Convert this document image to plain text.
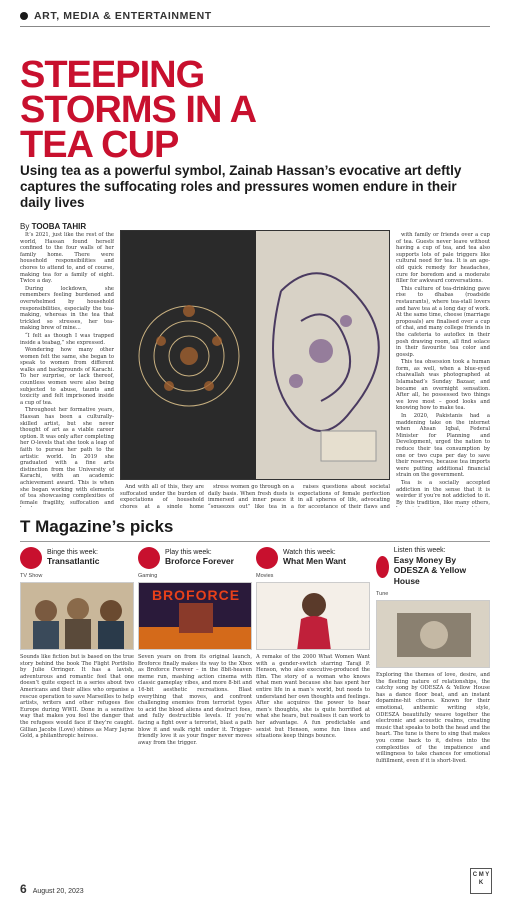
ART, MEDIA & ENTERTAINMENT
STEEPING
STORMS IN A
TEA CUP
Using tea as a powerful symbol, Zainab Hassan’s evocative art deftly captures the suffocating roles and pressures women endure in their daily lives
By TOOBA TAHIR

It’s 2021, just like the rest of the world, Hassan found herself confined to the four walls of her family home. There were household responsibilities and chores to attend to, and of course, making tea for a family of eight. Twice a day.

During lockdown, she remembers feeling burdened and overwhelmed by household responsibilities, especially the tea-making, whereas in the tea that trickled so stresses, her tea-making brew of mine...

“I felt as though I was trapped inside a teabag,” she expressed.

Wondering how many other women felt the same, she began to speak to women from different walks and backgrounds of Karachi. To her surprise, or lack thereof, countless women were also being subjected to abuse, taunts and toxicity and felt imprisoned inside a cup of tea.

Throughout her formative years, Hassan has been a culturally-skilled artist, but she never thought of art as a viable career option. It was only after completing her O-levels that she took a leap of faith to pursue her path to the artistic world. In 2019 she graduated with a fine arts distinction from the University of Karachi, with an academic achievement award. This is when she began working with elements of tea showcasing complexities of female fragility, suffocation and

And with all of this, they are suffocated under the burden of expectations of household chores at a single home

stress women go through on a daily basis. When fresh dusts is immersed and inner peace it “squeezes out” like tea in a

raises questions about societal expectations of female perfection in all spheres of life, advocating for acceptance of their flaws and

with family or friends over a cup of tea. Guests never leave without having a cup of tea, and tea also supports lots of pale triggers like cultural need for tea. It is an age-old quick remedy for headaches, cure for boredom and a moderate filler for awkward conversations.

This culture of tea-drinking gave rise to dhabas (roadside restaurants), where tea-stall lovers and have tea at a long day of work. At the same time, cheese (marriage proposals) are finalised over a cup of chai, and many college friends in the cafeteria to autoflex in their posh drawing room, all find solace in their favourite tea color and gossip.

This tea obsession took a human form, as well, when a blue-eyed chaiwallah was photographed at Islamabad’s Sunday Bazaar, and became an overnight sensation. After all, he possessed two things we love most – good looks and knowing how to make tea.

In 2020, Pakistanis had a maddening take on the internet when Ahsan Iqbal, Federal Minister for Planning and Development, urged the nation to reduce their tea consumption by one or two cups per day to save their reserves, because tea imports were putting additional financial strain on the government.

Tea is a socially accepted addiction in the sense that it is weirder if you’re not addicted to it. By this tradition, like many others,

T Magazine’s picks
Binge this week:
Transatlantic
TV Show
Sounds like fiction but is based on the true story behind the book The Flight Portfolio by Julie Orringer. It has a lavish, adventurous and romantic feel that one doesn’t quite expect in a series about two Americans and their allies who organise a rescue operation to save Marseilles to help artists, writers and other refugees flee Europe during WWII. Done in a sensitive way that makes you feel the danger that the refugees would face if they’re caught. Gillian Jacobs (Love) shines as Mary Jayne Gold, a philanthropic heiress.
Play this week:
Broforce Forever
Gaming
BROFORCE
Seven years on from its original launch, Broforce finally makes its way to the Xbox as Broforce Forever – in the 8bit-heaven meme run, mashing action cinema with classic gameplay vibes, and more 8-bit and 16-bit aesthetic recreations. Blast everything that moves, and confront challenging enemies from terrorist types to acid the blood aliens and destruct foes, and fully destructible levels. If you’re facing a fight over a terrorist, blast a path blow it and walk right under it. Trigger-friendly love it as your finger never moves away from the trigger.
Watch this week:
What Men Want
Movies
A remake of the 2000 What Women Want with a gender-switch starring Taraji P. Henson, who also executive-produced the film. The story of a woman who knows what men want because she has spent her entire life in a man’s world, but needs to understand her own thoughts and feelings. After she acquires the power to hear men’s thoughts, she is quite horrified at what she hears, but realises it can work to her advantage. A fun predictable and sexist but Henson, some fun lines and situations keep things bounce.
Listen this week:
Easy Money By ODESZA & Yellow House
Tune
Exploring the themes of love, desire, and the fleeting nature of relationships, the catchy song by ODESZA & Yellow House has a dance floor beat, and an instant dopamine-hit chorus. Known for their emotional, anthemic writing style, ODESZA beautifully weave together the electronic and acoustic realms, creating music that speaks to both the head and the heart. The tune is there to sing that makes you come back to it, delves into the complexities of the impatience and willingness to take chances for emotional fulfillment, even if it is short-lived.
6 August 20, 2023
C M Y K
